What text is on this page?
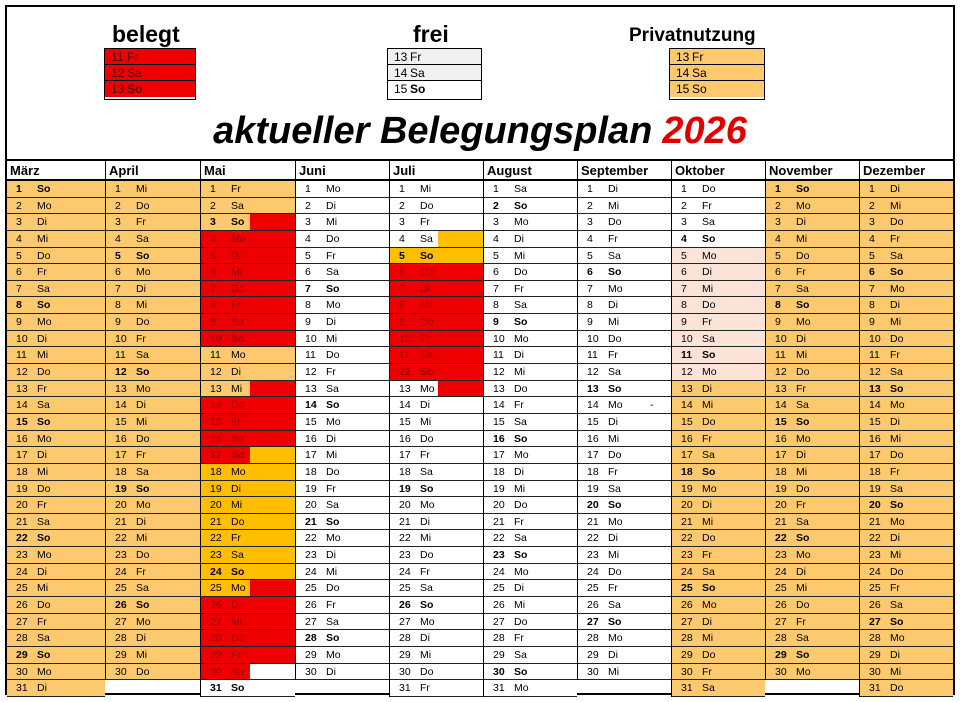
belegt
11 Fr
12 Sa
13 So
frei
13 Fr
14 Sa
15 So
Privatnutzung
13 Fr
14 Sa
15 So
aktueller Belegungsplan 2026
März
1 So
2 Mo
3 Di
4 Mi
5 Do
6 Fr
7 Sa
8 So
9 Mo
10 Di
11 Mi
12 Do
13 Fr
14 Sa
15 So
16 Mo
17 Di
18 Mi
19 Do
20 Fr
21 Sa
22 So
23 Mo
24 Di
25 Mi
26 Do
27 Fr
28 Sa
29 So
30 Mo
31 Di
April
1 Mi
2 Do
3 Fr
4 Sa
5 So
6 Mo
7 Di
8 Mi
9 Do
10 Fr
11 Sa
12 So
13 Mo
14 Di
15 Mi
16 Do
17 Fr
18 Sa
19 So
20 Mo
21 Di
22 Mi
23 Do
24 Fr
25 Sa
26 So
27 Mo
28 Di
29 Mi
30 Do
Mai
1 Fr
2 Sa
3 So
4 Mo
5 Di
6 Mi
7 Do
8 Fr
9 Sa
10 So
11 Mo
12 Di
13 Mi
14 Do
15 Fr
16 Sa
17 So
18 Mo
19 Di
20 Mi
21 Do
22 Fr
23 Sa
24 So
25 Mo
26 Di
27 Mi
28 Do
29 Fr
30 Sa
31 So
Juni
1 Mo
2 Di
3 Mi
4 Do
5 Fr
6 Sa
7 So
8 Mo
9 Di
10 Mi
11 Do
12 Fr
13 Sa
14 So
15 Mo
16 Di
17 Mi
18 Do
19 Fr
20 Sa
21 So
22 Mo
23 Di
24 Mi
25 Do
26 Fr
27 Sa
28 So
29 Mo
30 Di
Juli
1 Mi
2 Do
3 Fr
4 Sa
5 So
6 Mo
7 Di
8 Mi
9 Do
10 Fr
11 Sa
12 So
13 Mo
14 Di
15 Mi
16 Do
17 Fr
18 Sa
19 So
20 Mo
21 Di
22 Mi
23 Do
24 Fr
25 Sa
26 So
27 Mo
28 Di
29 Mi
30 Do
31 Fr
August
1 Sa
2 So
3 Mo
4 Di
5 Mi
6 Do
7 Fr
8 Sa
9 So
10 Mo
11 Di
12 Mi
13 Do
14 Fr
15 Sa
16 So
17 Mo
18 Di
19 Mi
20 Do
21 Fr
22 Sa
23 So
24 Mo
25 Di
26 Mi
27 Do
28 Fr
29 Sa
30 So
31 Mo
September
1 Di
2 Mi
3 Do
4 Fr
5 Sa
6 So
7 Mo
8 Di
9 Mi
10 Do
11 Fr
12 Sa
13 So
14 Mo	-
15 Di
16 Mi
17 Do
18 Fr
19 Sa
20 So
21 Mo
22 Di
23 Mi
24 Do
25 Fr
26 Sa
27 So
28 Mo
29 Di
30 Mi
Oktober
1 Do
2 Fr
3 Sa
4 So
5 Mo
6 Di
7 Mi
8 Do
9 Fr
10 Sa
11 So
12 Mo
13 Di
14 Mi
15 Do
16 Fr
17 Sa
18 So
19 Mo
20 Di
21 Mi
22 Do
23 Fr
24 Sa
25 So
26 Mo
27 Di
28 Mi
29 Do
30 Fr
31 Sa
November
1 So
2 Mo
3 Di
4 Mi
5 Do
6 Fr
7 Sa
8 So
9 Mo
10 Di
11 Mi
12 Do
13 Fr
14 Sa
15 So
16 Mo
17 Di
18 Mi
19 Do
20 Fr
21 Sa
22 So
23 Mo
24 Di
25 Mi
26 Do
27 Fr
28 Sa
29 So
30 Mo
Dezember
1 Di
2 Mi
3 Do
4 Fr
5 Sa
6 So
7 Mo
8 Di
9 Mi
10 Do
11 Fr
12 Sa
13 So
14 Mo
15 Di
16 Mi
17 Do
18 Fr
19 Sa
20 So
21 Mo
22 Di
23 Mi
24 Do
25 Fr
26 Sa
27 So
28 Mo
29 Di
30 Mi
31 Do
